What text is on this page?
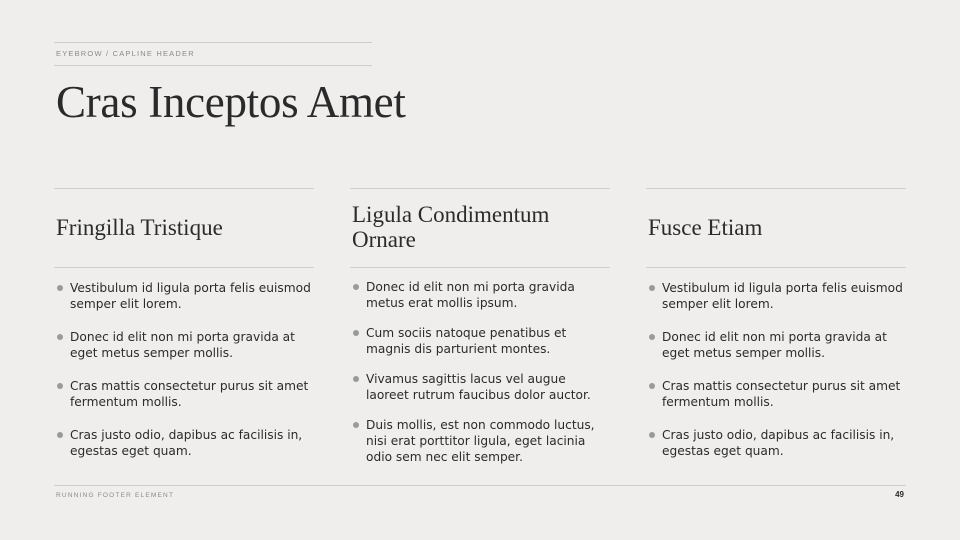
EYEBROW / CAPLINE HEADER
Cras Inceptos Amet
Fringilla Tristique
Vestibulum id ligula porta felis euismod semper elit lorem.
Donec id elit non mi porta gravida at eget metus semper mollis.
Cras mattis consectetur purus sit amet fermentum mollis.
Cras justo odio, dapibus ac facilisis in, egestas eget quam.
Ligula Condimentum Ornare
Donec id elit non mi porta gravida metus erat mollis ipsum.
Cum sociis natoque penatibus et magnis dis parturient montes.
Vivamus sagittis lacus vel augue laoreet rutrum faucibus dolor auctor.
Duis mollis, est non commodo luctus, nisi erat porttitor ligula, eget lacinia odio sem nec elit semper.
Fusce Etiam
Vestibulum id ligula porta felis euismod semper elit lorem.
Donec id elit non mi porta gravida at eget metus semper mollis.
Cras mattis consectetur purus sit amet fermentum mollis.
Cras justo odio, dapibus ac facilisis in, egestas eget quam.
RUNNING FOOTER ELEMENT	49
